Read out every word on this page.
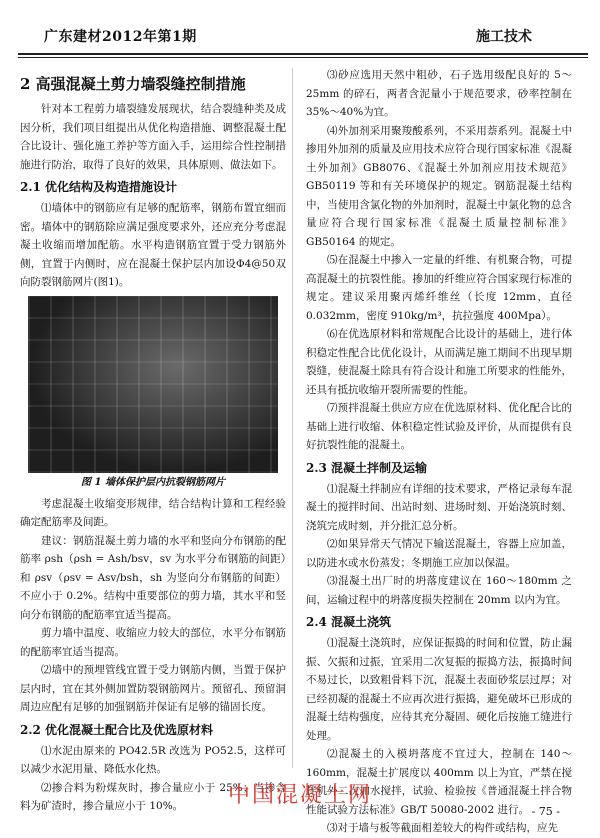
广东建材2012年第1期	施工技术
2 高强混凝土剪力墙裂缝控制措施

针对本工程剪力墙裂缝发展现状，结合裂缝种类及成因分析，我们项目组提出从优化构造措施、调整混凝土配合比设计、强化施工养护等方面入手，运用综合性控制措施进行防治，取得了良好的效果，具体原则、做法如下。

2.1 优化结构及构造措施设计

⑴墙体中的钢筋应有足够的配筋率，钢筋布置宜细而密。墙体中的钢筋除应满足强度要求外，还应充分考虑混凝土收缩而增加配筋。水平构造钢筋宜置于受力钢筋外侧，宜置于内侧时，应在混凝土保护层内加设Φ4@50双向防裂钢筋网片(图1)。

图 1 墙体保护层内抗裂钢筋网片

考虑混凝土收缩变形规律，结合结构计算和工程经验确定配筋率及间距。

建议：钢筋混凝土剪力墙的水平和竖向分布钢筋的配筋率 ρsh（ρsh = Ash/bsv，sv 为水平分布钢筋的间距）和 ρsv（ρsv = Asv/bsh，sh 为竖向分布钢筋的间距）不应小于 0.2%。结构中重要部位的剪力墙，其水平和竖向分布钢筋的配筋率宜适当提高。

剪力墙中温度、收缩应力较大的部位，水平分布钢筋的配筋率宜适当提高。

⑵墙中的预埋管线宜置于受力钢筋内侧，当置于保护层内时，宜在其外侧加置防裂钢筋网片。预留孔、预留洞周边应配有足够的加强钢筋并保证有足够的锚固长度。

2.2 优化混凝土配合比及优选原材料

⑴水泥由原来的 PO42.5R 改选为 PO52.5，这样可以减少水泥用量、降低水化热。

⑵掺合料为粉煤灰时，掺合量应小于 25%；当掺合料为矿渣时，掺合量应小于 10%。

⑶砂应选用天然中粗砂，石子选用级配良好的 5～25mm 的碎石，两者含泥量小于规范要求，砂率控制在 35%～40%为宜。

⑷外加剂采用聚羧酸系列，不采用萘系列。混凝土中掺用外加剂的质量及应用技术应符合现行国家标准《混凝土外加剂》GB8076、《混凝土外加剂应用技术规范》GB50119 等和有关环境保护的规定。钢筋混凝土结构中，当使用含氯化物的外加剂时，混凝土中氯化物的总含量应符合现行国家标准《混凝土质量控制标准》GB50164 的规定。

⑸在混凝土中掺入一定量的纤维、有机聚合物，可提高混凝土的抗裂性能。掺加的纤维应符合国家现行标准的规定。建议采用聚丙烯纤维丝（长度 12mm，直径 0.032mm，密度 910kg/m³，抗拉强度 400Mpa）。

⑹在优选原材料和常规配合比设计的基础上，进行体积稳定性配合比优化设计，从而满足施工期间不出现早期裂缝，使混凝土除具有符合设计和施工所要求的性能外，还具有抵抗收缩开裂所需要的性能。

⑺预拌混凝土供应方应在优选原材料、优化配合比的基础上进行收缩、体积稳定性试验及评价，从而提供有良好抗裂性能的混凝土。

2.3 混凝土拌制及运输

⑴混凝土拌制应有详细的技术要求，严格记录每车混凝土的搅拌时间、出站时刻、进场时刻、开始浇筑时刻、浇筑完成时刻，并分批汇总分析。

⑵如果异常天气情况下输送混凝土，容器上应加盖，以防进水或水份蒸发；冬期施工应加以保温。

⑶混凝土出厂时的坍落度建议在 160～180mm 之间，运输过程中的坍落度损失控制在 20mm 以内为宜。

2.4 混凝土浇筑

⑴混凝土浇筑时，应保证振捣的时间和位置，防止漏振、欠振和过振，宜采用二次复振的振捣方法，振捣时间不易过长，以致粗骨料下沉，混凝土表面砂浆层过厚；对已经初凝的混凝土不应再次进行振捣，避免破坏已形成的混凝土结构强度，应待其充分凝固、硬化后按施工缝进行处理。

⑵混凝土的入模坍落度不宜过大，控制在 140～160mm，混凝土扩展度以 400mm 以上为宜，严禁在搅拌机外二次加水搅拌，试验、检验按《普通混凝土拌合物性能试验方法标准》GB/T 50080-2002 进行。

⑶对于墙与板等截面相差较大的构件或结构，应先

中国混凝土网
- 75 -
